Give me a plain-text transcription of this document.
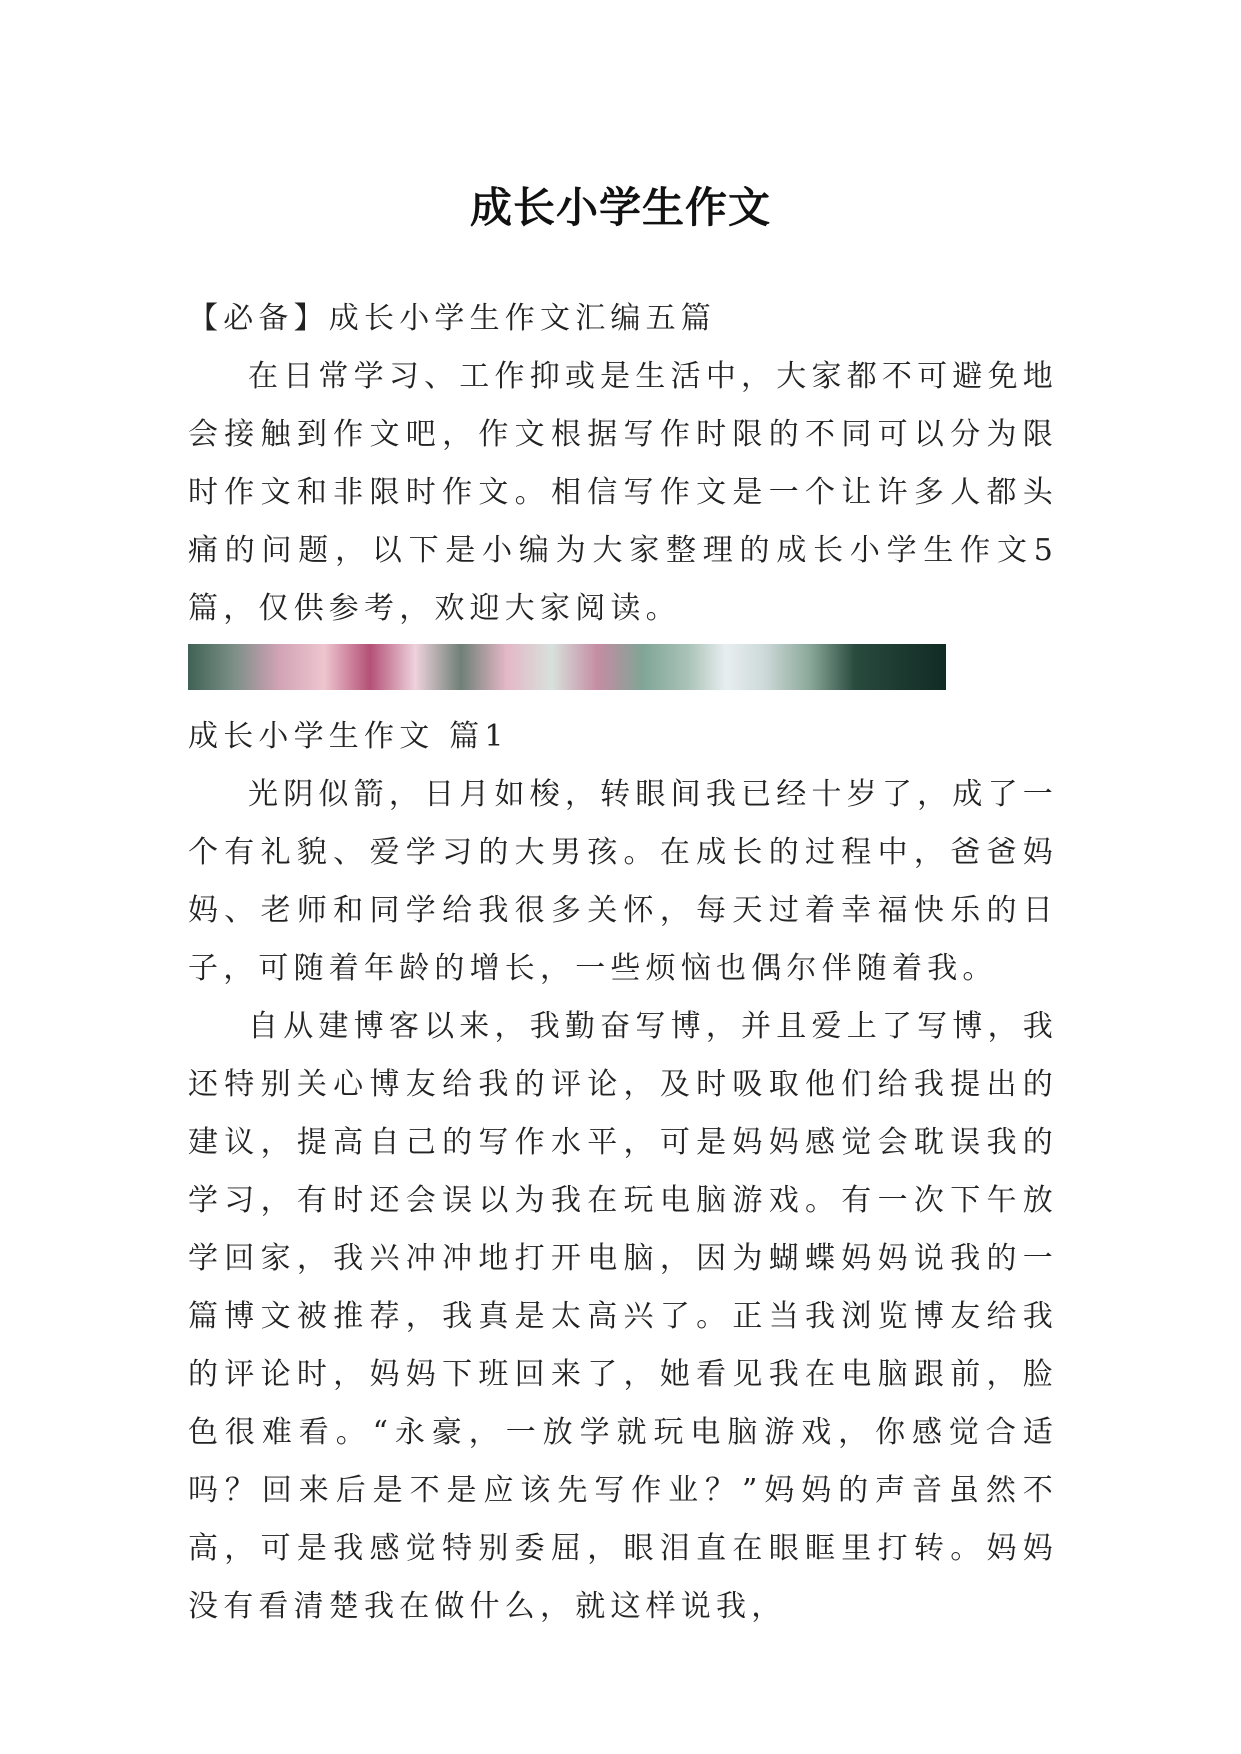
成长小学生作文

【必备】成长小学生作文汇编五篇

在日常学习、工作抑或是生活中，大家都不可避免地会接触到作文吧，作文根据写作时限的不同可以分为限时作文和非限时作文。相信写作文是一个让许多人都头痛的问题，以下是小编为大家整理的成长小学生作文5篇，仅供参考，欢迎大家阅读。

成长小学生作文 篇1

光阴似箭，日月如梭，转眼间我已经十岁了，成了一个有礼貌、爱学习的大男孩。在成长的过程中，爸爸妈妈、老师和同学给我很多关怀，每天过着幸福快乐的日子，可随着年龄的增长，一些烦恼也偶尔伴随着我。

自从建博客以来，我勤奋写博，并且爱上了写博，我还特别关心博友给我的评论，及时吸取他们给我提出的建议，提高自己的写作水平，可是妈妈感觉会耽误我的学习，有时还会误以为我在玩电脑游戏。有一次下午放学回家，我兴冲冲地打开电脑，因为蝴蝶妈妈说我的一篇博文被推荐，我真是太高兴了。正当我浏览博友给我的评论时，妈妈下班回来了，她看见我在电脑跟前，脸色很难看。“永豪，一放学就玩电脑游戏，你感觉合适吗？回来后是不是应该先写作业？”妈妈的声音虽然不高，可是我感觉特别委屈，眼泪直在眼眶里打转。妈妈没有看清楚我在做什么，就这样说我，
